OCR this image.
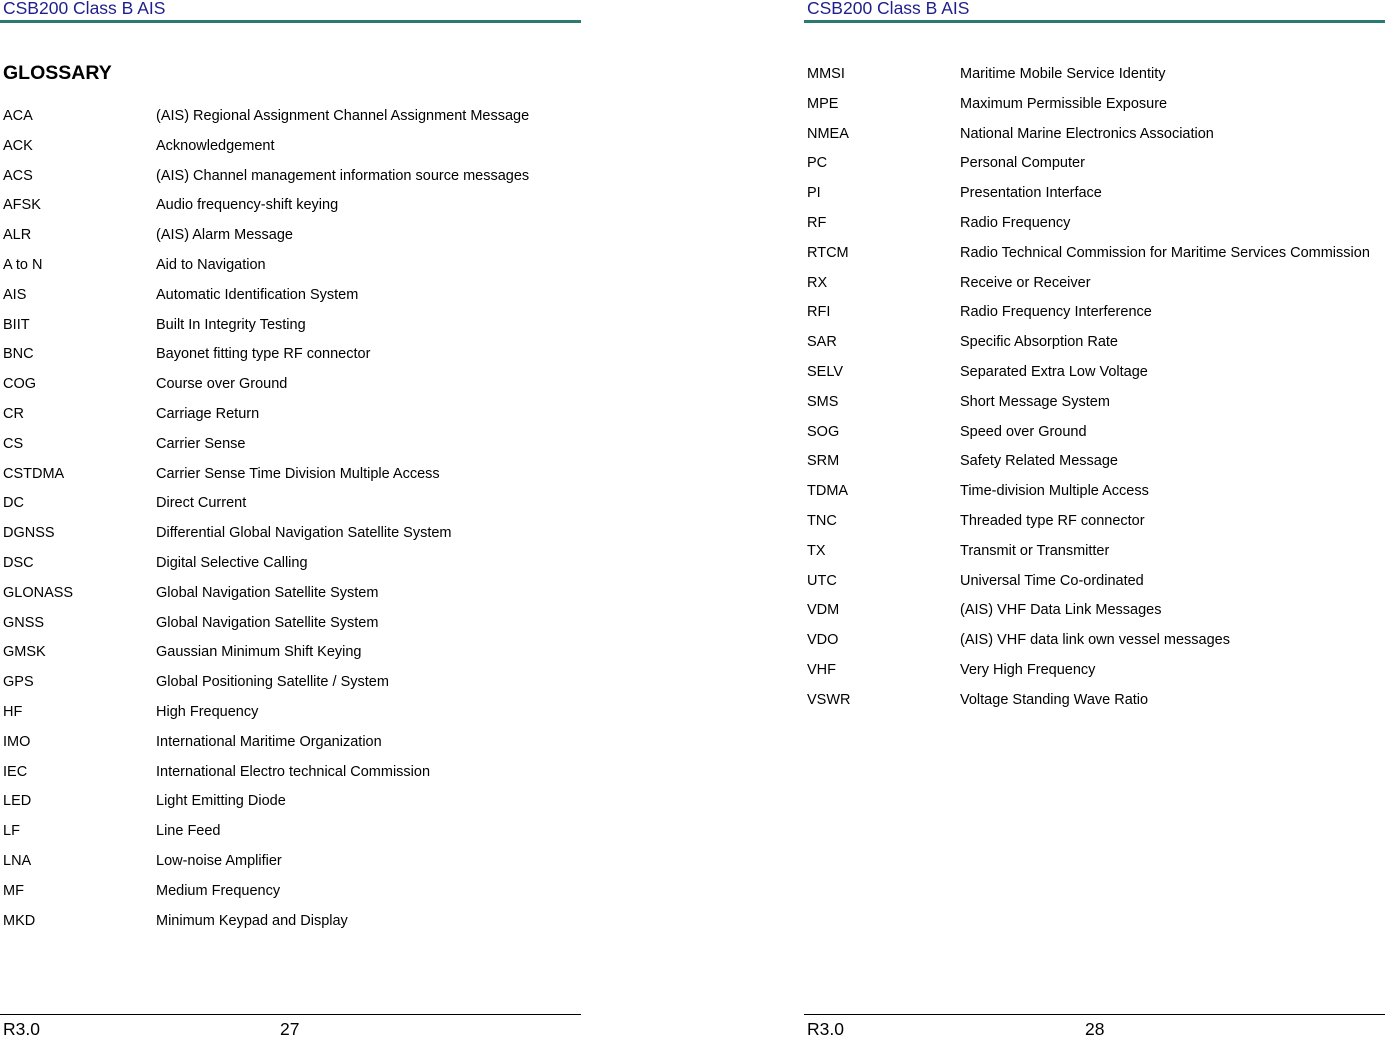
CSB200 Class B AIS
GLOSSARY
ACA	(AIS) Regional Assignment Channel Assignment Message
ACK	Acknowledgement
ACS	(AIS) Channel management information source messages
AFSK	Audio frequency-shift keying
ALR	(AIS) Alarm Message
A to N	Aid to Navigation
AIS	Automatic Identification System
BIIT	Built In Integrity Testing
BNC	Bayonet fitting type RF connector
COG	Course over Ground
CR	Carriage Return
CS	Carrier Sense
CSTDMA	Carrier Sense Time Division Multiple Access
DC	Direct Current
DGNSS	Differential Global Navigation Satellite System
DSC	Digital Selective Calling
GLONASS	Global Navigation Satellite System
GNSS	Global Navigation Satellite System
GMSK	Gaussian Minimum Shift Keying
GPS	Global Positioning Satellite / System
HF	High Frequency
IMO	International Maritime Organization
IEC	International Electro technical Commission
LED	Light Emitting Diode
LF	Line Feed
LNA	Low-noise Amplifier
MF	Medium Frequency
MKD	Minimum Keypad and Display
R3.0	27
CSB200 Class B AIS
MMSI	Maritime Mobile Service Identity
MPE	Maximum Permissible Exposure
NMEA	National Marine Electronics Association
PC	Personal Computer
PI	Presentation Interface
RF	Radio Frequency
RTCM	Radio Technical Commission for Maritime Services Commission
RX	Receive or Receiver
RFI	Radio Frequency Interference
SAR	Specific Absorption Rate
SELV	Separated Extra Low Voltage
SMS	Short Message System
SOG	Speed over Ground
SRM	Safety Related Message
TDMA	Time-division Multiple Access
TNC	Threaded type RF connector
TX	Transmit or Transmitter
UTC	Universal Time Co-ordinated
VDM	(AIS) VHF Data Link Messages
VDO	(AIS) VHF data link own vessel messages
VHF	Very High Frequency
VSWR	Voltage Standing Wave Ratio
R3.0	28
